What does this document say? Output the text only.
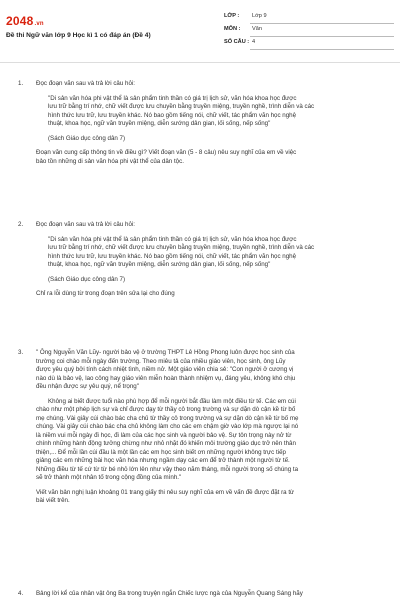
2048.vn
Đề thi Ngữ văn lớp 9 Học kì 1 có đáp án (Đề 4)
LỚP : Lớp 9
MÔN : Văn
SỐ CÂU : 4
1. Đọc đoạn văn sau và trả lời câu hỏi:
"Di sản văn hóa phi vật thể là sản phẩm tinh thần có giá trị lịch sử, văn hóa khoa học được
lưu trữ bằng trí nhớ, chữ viết được lưu chuyền bằng truyền miệng, truyền nghề, trình diễn và các
hình thức lưu trữ, lưu truyền khác. Nó bao gồm tiếng nói, chữ viết, tác phẩm văn học nghệ
thuật, khoa học, ngữ văn truyền miệng, diễn sướng dân gian, lối sống, nếp sống"
(Sách Giáo dục công dân 7)
Đoạn văn cung cấp thông tin về điều gì? Viết đoạn văn (5 - 8 câu) nêu suy nghĩ của em về việc
bảo tồn những di sản văn hóa phi vật thể của dân tộc.
2. Đọc đoạn văn sau và trả lời câu hỏi:
"Di sản văn hóa phi vật thể là sản phẩm tinh thần có giá trị lịch sử, văn hóa khoa học được
lưu trữ bằng trí nhớ, chữ viết được lưu chuyền bằng truyền miệng, truyền nghề, trình diễn và các
hình thức lưu trữ, lưu truyền khác. Nó bao gồm tiếng nói, chữ viết, tác phẩm văn học nghệ
thuật, khoa học, ngữ văn truyền miệng, diễn sướng dân gian, lối sống, nếp sống"
(Sách Giáo dục công dân 7)
Chỉ ra lỗi dùng từ trong đoạn trên sửa lại cho đúng
3. " Ông Nguyễn Văn Lũy- người bảo vệ ở trường THPT Lê Hồng Phong luôn được học sinh của
trường coi chào mỗi ngày đến trường. Theo miêu tả của nhiều giáo viên, học sinh, ông Lũy
được yêu quý bởi tính cách nhiệt tình, niềm nở. Một giáo viên chia sẻ: "Con người ở cương vị
nào dù là bảo vệ, lao công hay giáo viên miễn hoàn thành nhiệm vụ, đáng yêu, không khó chịu
đều nhận được sự yêu quý, nể trọng"
Không ai biết được tuổi nào phù hợp để mỗi người bắt đầu làm một điều từ tế. Các em cúi
chào như một phép lịch sự và chỉ được dạy từ thầy cô trong trường và sự dặn dò cận kề từ bố
mẹ chúng. Vài giây cúi chào bác cha chủ từ thầy cô trong trường và sự dặn dò cận kề từ bố mẹ
chúng. Vài giây cúi chào bác cha chủ không làm cho các em chậm giờ vào lớp mà ngược lại nó
là niềm vui mỗi ngày đi học, đi làm của các học sinh và người bảo vệ. Sự tôn trọng này nở từ
chính những hành động tưởng chừng như nhỏ nhặt đó khiến môi trường giáo dục trở nên thân
thiện,... Để mỗi lần cúi đầu là một lần các em học sinh biết ơn những người không trực tiếp
giảng các em những bài học văn hóa nhưng ngầm dạy các em để trở thành một người từ tế.
Những điều từ tế cứ từ từ bé nhỏ lớn lên như vậy theo năm tháng, mỗi người trong số chúng ta
sẽ trở thành một nhân tố trong cộng đồng của mình."
Viết văn bản nghị luận khoảng 01 trang giấy thi nêu suy nghĩ của em về vấn đề được đặt ra từ
bài viết trên.
4. Bảng lời kể của nhân vật ông Ba trong truyện ngắn Chiếc lược ngà của Nguyễn Quang Sáng hãy
